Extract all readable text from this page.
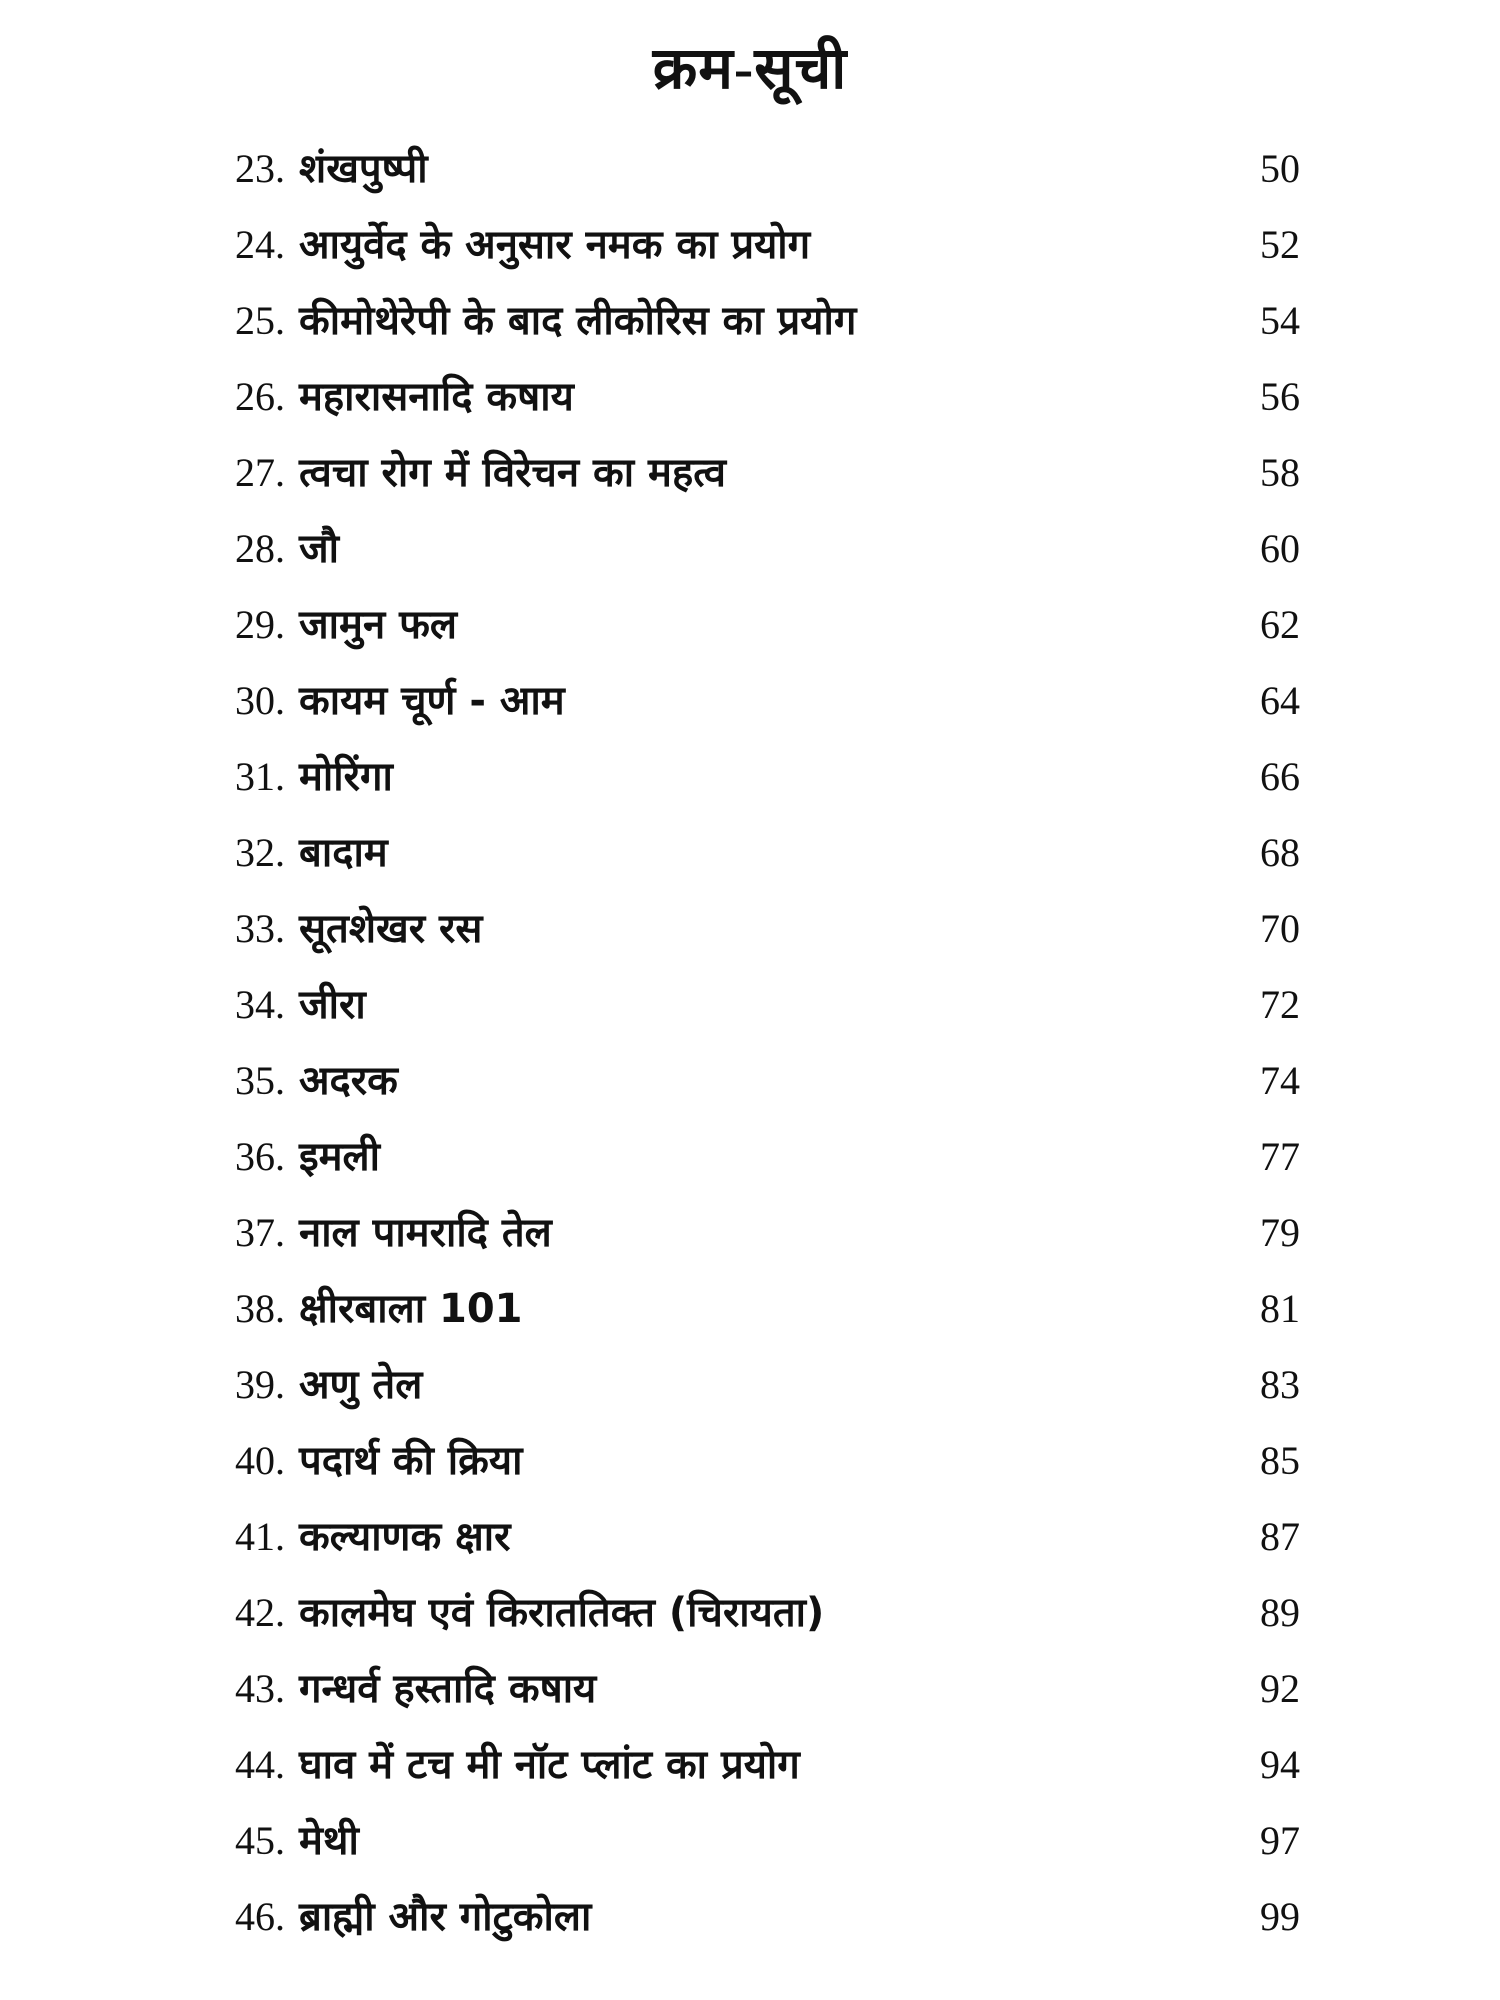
क्रम-सूची
23. शंखपुष्पी	50
24. आयुर्वेद के अनुसार नमक का प्रयोग	52
25. कीमोथेरेपी के बाद लीकोरिस का प्रयोग	54
26. महारासनादि कषाय	56
27. त्वचा रोग में विरेचन का महत्व	58
28. जौ	60
29. जामुन फल	62
30. कायम चूर्ण - आम	64
31. मोरिंगा	66
32. बादाम	68
33. सूतशेखर रस	70
34. जीरा	72
35. अदरक	74
36. इमली	77
37. नाल पामरादि तेल	79
38. क्षीरबाला 101	81
39. अणु तेल	83
40. पदार्थ की क्रिया	85
41. कल्याणक क्षार	87
42. कालमेघ एवं किराततिक्त (चिरायता)	89
43. गन्धर्व हस्तादि कषाय	92
44. घाव में टच मी नॉट प्लांट का प्रयोग	94
45. मेथी	97
46. ब्राह्मी और गोटुकोला	99
